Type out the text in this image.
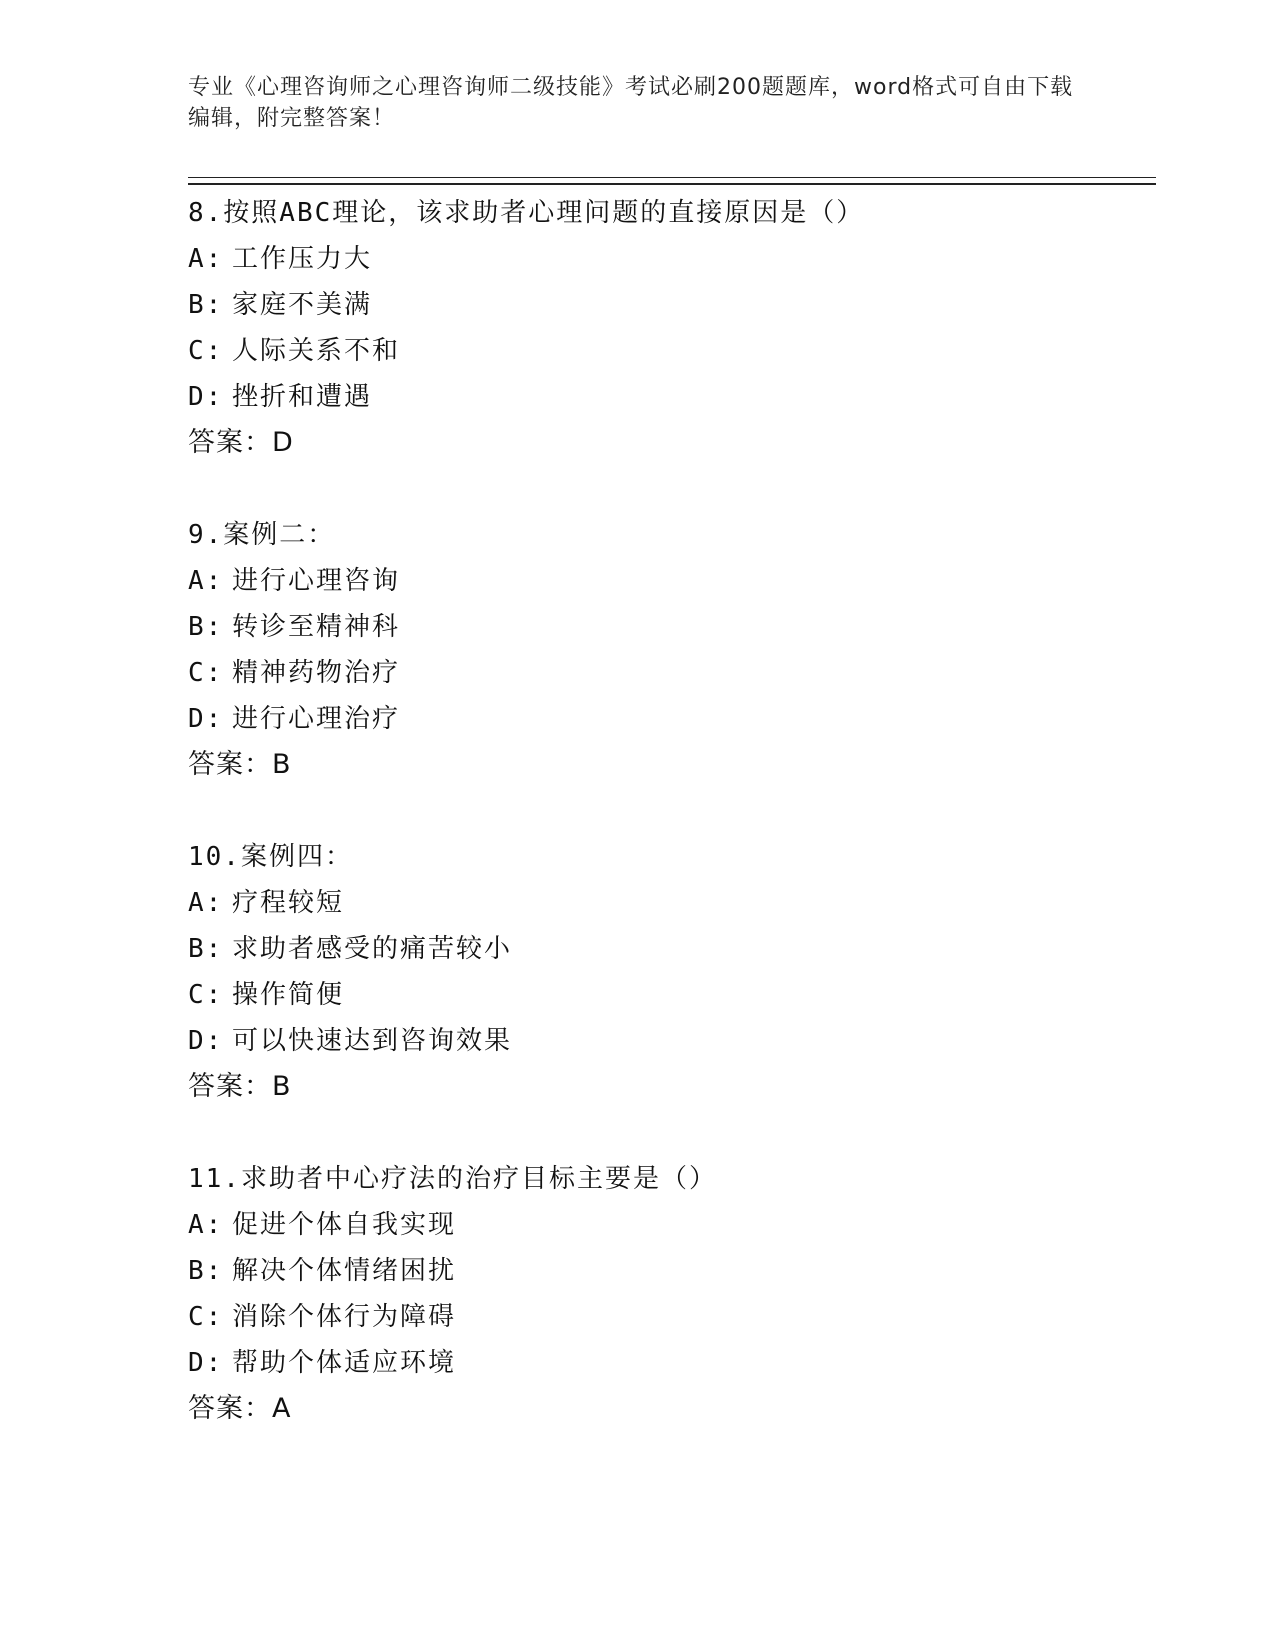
专业《心理咨询师之心理咨询师二级技能》考试必刷200题题库，word格式可自由下载编辑，附完整答案！
8.按照ABC理论，该求助者心理问题的直接原因是（）
A: 工作压力大
B: 家庭不美满
C: 人际关系不和
D: 挫折和遭遇
答案：D
9.案例二：
A: 进行心理咨询
B: 转诊至精神科
C: 精神药物治疗
D: 进行心理治疗
答案：B
10.案例四：
A: 疗程较短
B: 求助者感受的痛苦较小
C: 操作简便
D: 可以快速达到咨询效果
答案：B
11.求助者中心疗法的治疗目标主要是（）
A: 促进个体自我实现
B: 解决个体情绪困扰
C: 消除个体行为障碍
D: 帮助个体适应环境
答案：A
